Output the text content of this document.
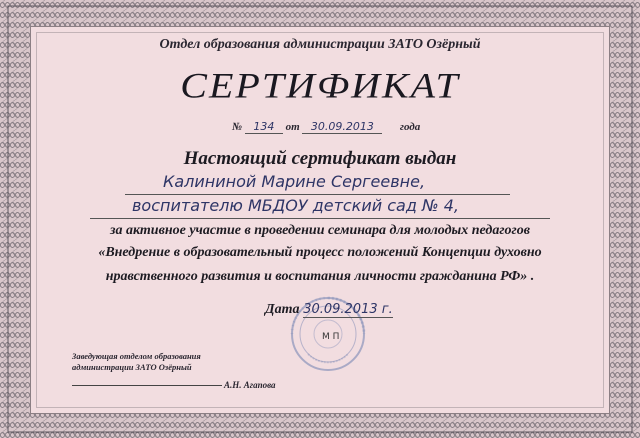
Отдел образования администрации ЗАТО Озёрный
СЕРТИФИКАТ
№ 134 от 30.09.2013 года
Настоящий сертификат выдан
Калининой Марине Сергеевне,
воспитателю МБДОУ детский сад № 4,
за активное участие в проведении семинара для молодых педагогов
«Внедрение в образовательный процесс положений Концепции духовно
нравственного развития и воспитания личности гражданина РФ» .
Дата 30.09.2013 г.
М П
Заведующая отделом образования
администрации ЗАТО Озёрный
А.Н. Агапова
